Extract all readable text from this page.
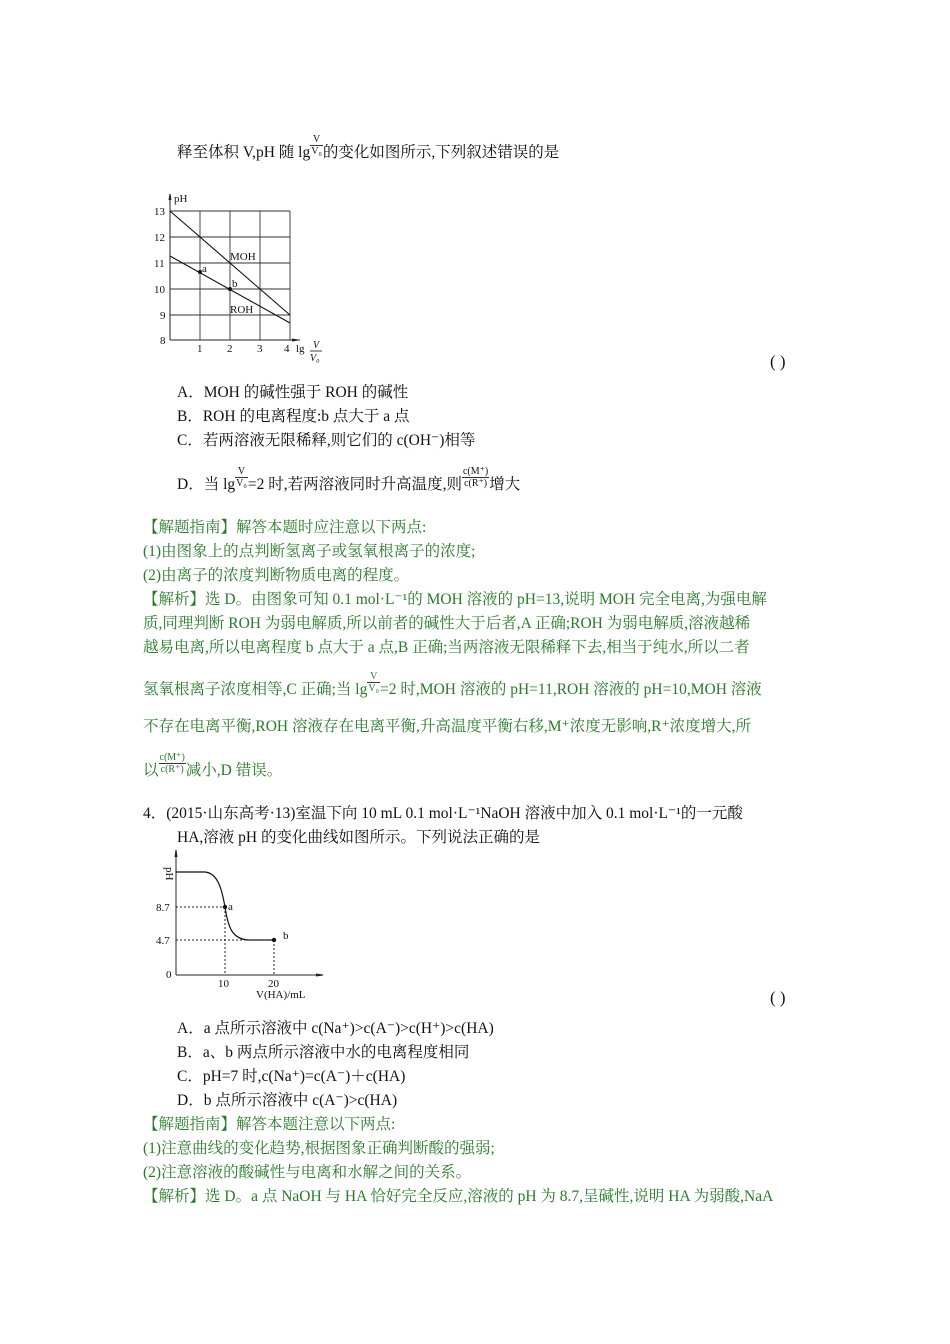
释至体积 V,pH 随 $\lg \frac{V}{\text{V₀}}$ 的变化如图所示,下列叙述错误的是
pH
13
12
11
10
9
8
1 2 3 4 lg V
V₀
MOH
ROH
a
b
( )
A．MOH 的碱性强于 ROH 的碱性
B．ROH 的电离程度:b 点大于 a 点
C．若两溶液无限稀释,则它们的 c(OH⁻)相等
D．当 $\lg \frac{V}{\text{V₀}} =2$ 时,若两溶液同时升高温度,则 $\frac{c(M^+)}{c(R^+)}$ 增大
【解题指南】解答本题时应注意以下两点:
(1)由图象上的点判断氢离子或氢氧根离子的浓度;
(2)由离子的浓度判断物质电离的程度。
【解析】选 D。由图象可知 0.1 mol·L⁻¹的 MOH 溶液的 pH=13,说明 MOH 完全电离,为强电解
质,同理判断 ROH 为弱电解质,所以前者的碱性大于后者,A 正确;ROH 为弱电解质,溶液越稀
越易电离,所以电离程度 b 点大于 a 点,B 正确;当两溶液无限稀释下去,相当于纯水,所以二者
氢氧根离子浓度相等,C 正确;当 $\lg \frac{V}{\text{V₀}} =2$ 时,MOH 溶液的 pH=11,ROH 溶液的 pH=10,MOH 溶液
不存在电离平衡,ROH 溶液存在电离平衡,升高温度平衡右移,M⁺浓度无影响,R⁺浓度增大,所
以 $\frac{c(M^+)}{c(R^+)}$ 减小,D 错误。
4．(2015·山东高考·13)室温下向 10 mL 0.1 mol·L⁻¹NaOH 溶液中加入 0.1 mol·L⁻¹的一元酸
HA,溶液 pH 的变化曲线如图所示。下列说法正确的是
pH
8.7
4.7
0
10	20
V(HA)/mL
a
b
( )
A．a 点所示溶液中 c(Na⁺)>c(A⁻)>c(H⁺)>c(HA)
B．a、b 两点所示溶液中水的电离程度相同
C．pH=7 时,c(Na⁺)=c(A⁻)＋c(HA)
D．b 点所示溶液中 c(A⁻)>c(HA)
【解题指南】解答本题注意以下两点:
(1)注意曲线的变化趋势,根据图象正确判断酸的强弱;
(2)注意溶液的酸碱性与电离和水解之间的关系。
【解析】选 D。a 点 NaOH 与 HA 恰好完全反应,溶液的 pH 为 8.7,呈碱性,说明 HA 为弱酸,NaA
